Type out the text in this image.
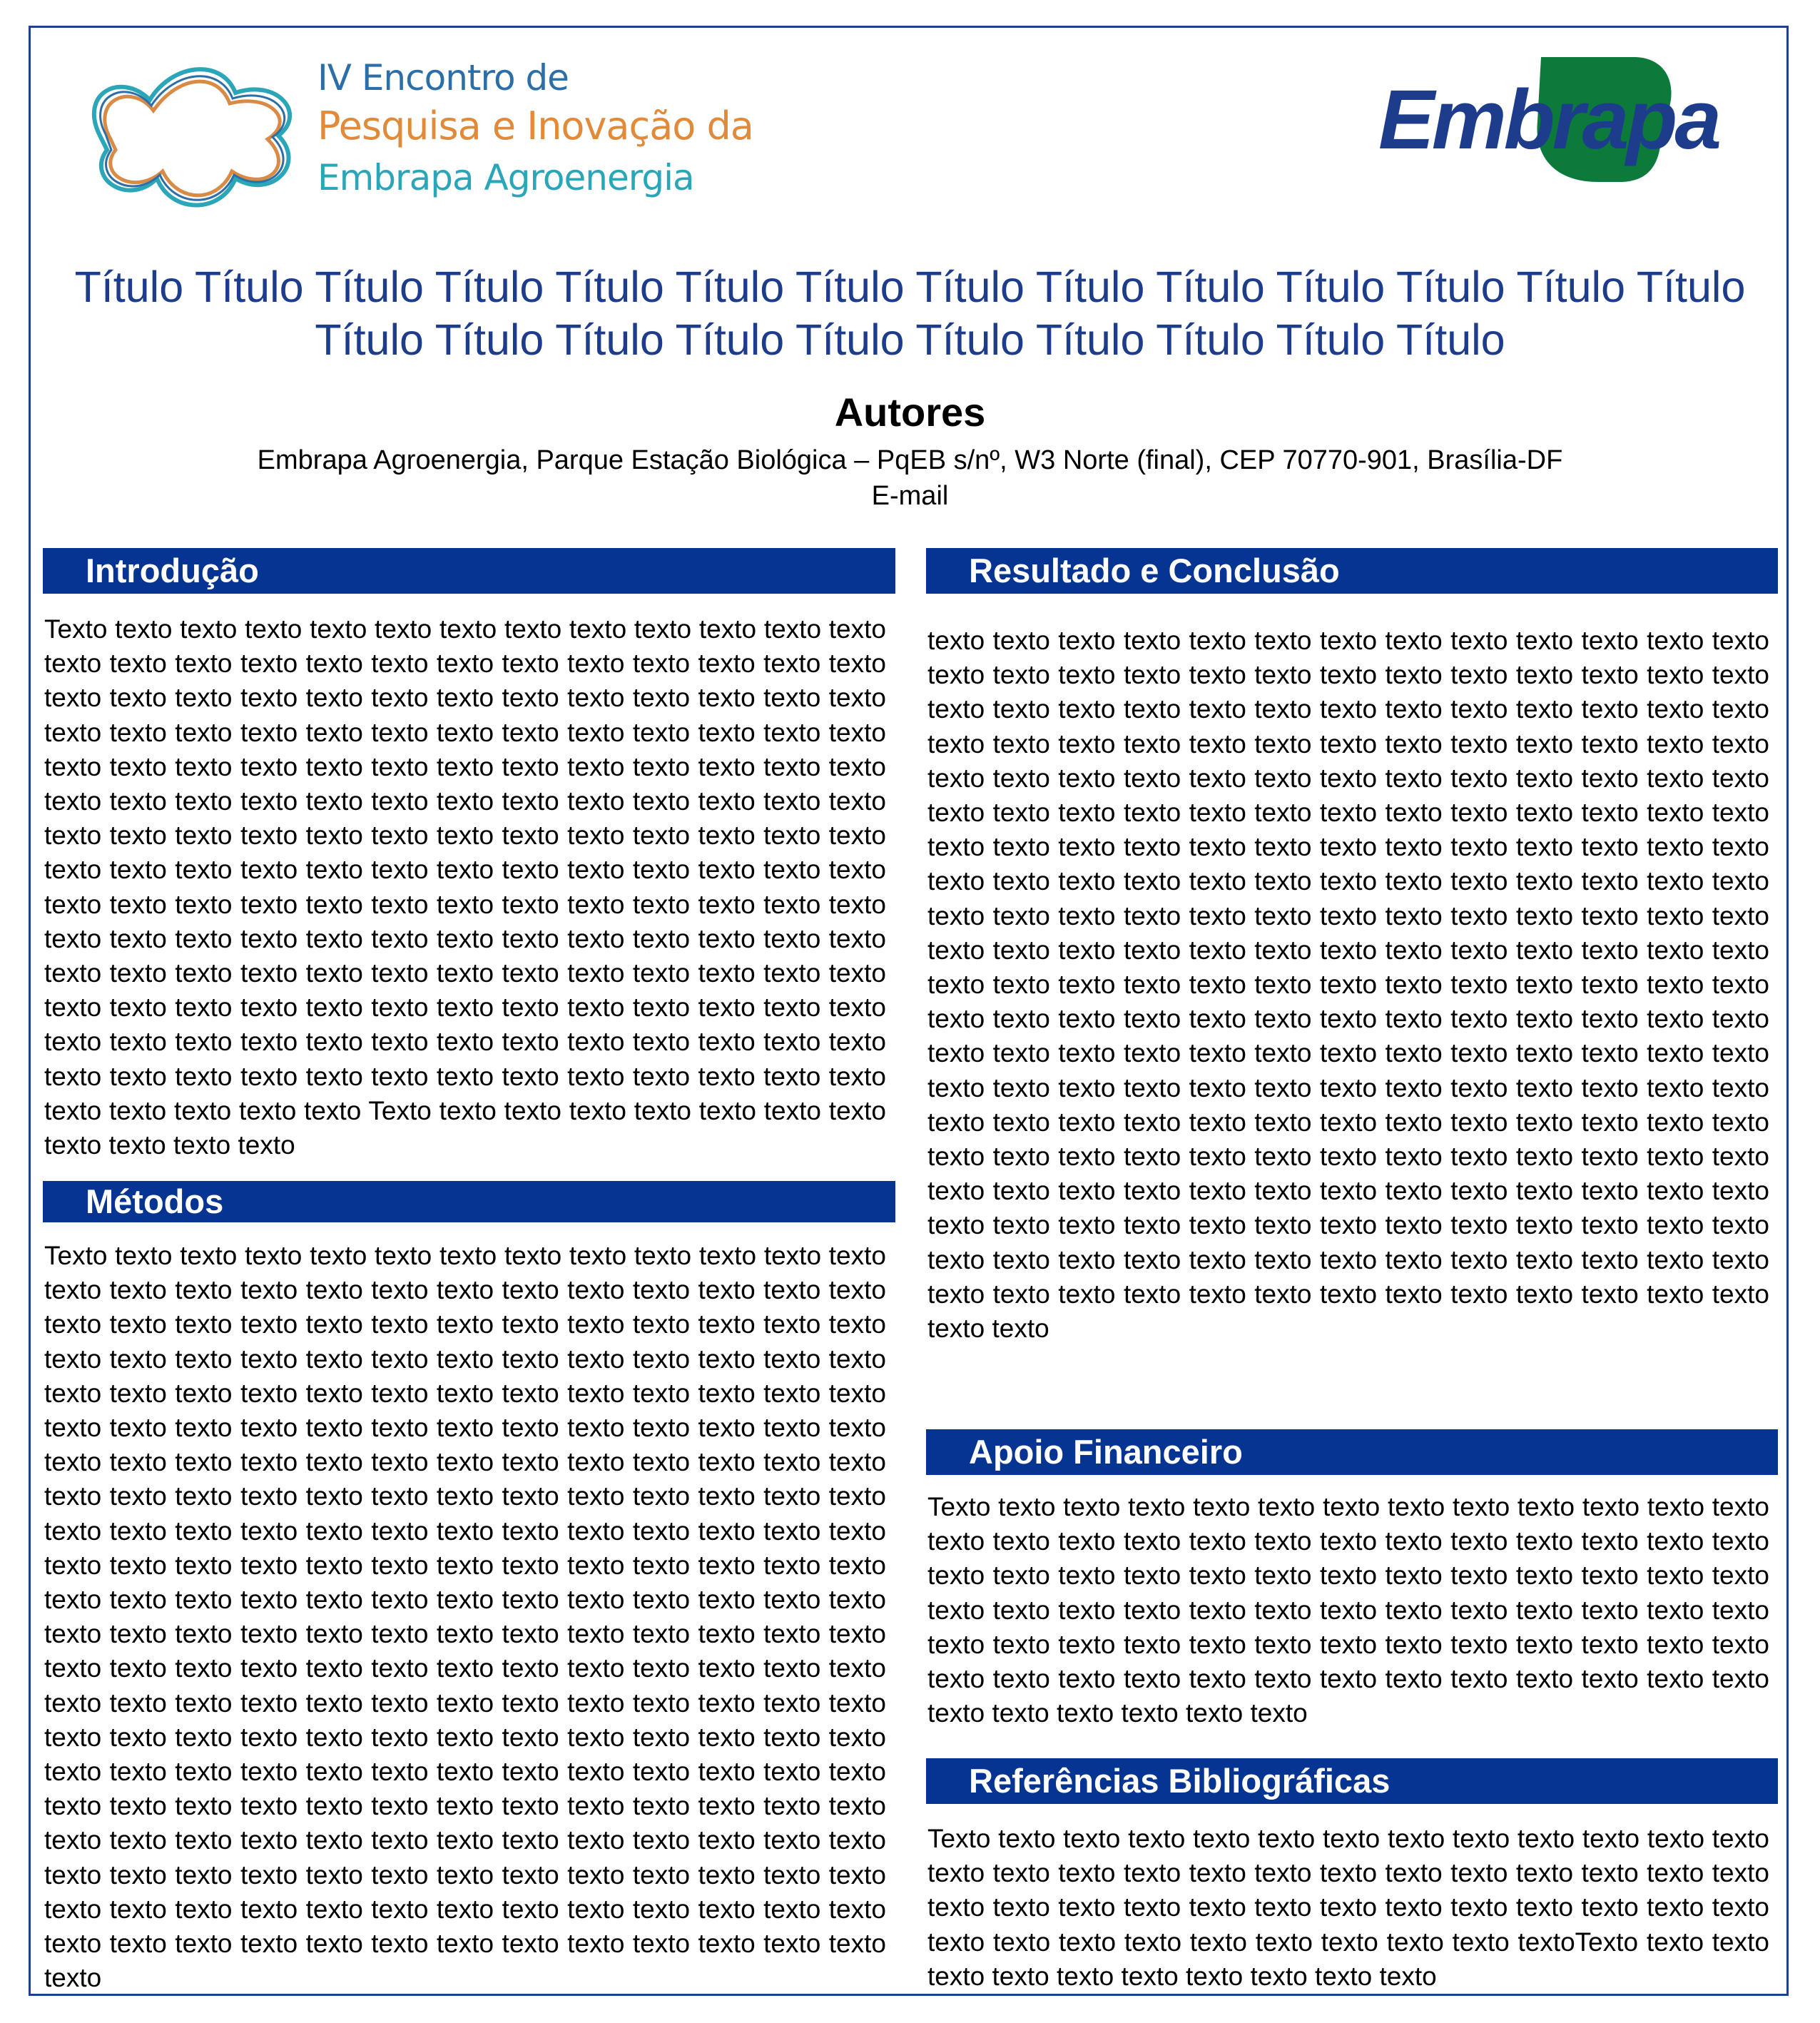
IV Encontro de
Pesquisa e Inovação da
Embrapa Agroenergia
Embrapa
Título Título Título Título Título Título Título Título Título Título Título Título Título Título Título Título Título Título Título Título Título Título Título Título
Autores
Embrapa Agroenergia, Parque Estação Biológica – PqEB s/nº, W3 Norte (final), CEP 70770-901, Brasília-DF
E-mail
Introdução
Texto texto texto texto texto texto texto texto texto texto texto texto texto texto texto texto texto texto texto texto texto texto texto texto texto texto texto texto texto texto texto texto texto texto texto texto texto texto texto texto texto texto texto texto texto texto texto texto texto texto texto texto texto texto texto texto texto texto texto texto texto texto texto texto texto texto texto texto texto texto texto texto texto texto texto texto texto texto texto texto texto texto texto texto texto texto texto texto texto texto texto texto texto texto texto texto texto texto texto texto texto texto texto texto texto texto texto texto texto texto texto texto texto texto texto texto texto texto texto texto texto texto texto texto texto texto texto texto texto texto texto texto texto texto texto texto texto texto texto texto texto texto texto texto texto texto texto texto texto texto texto texto texto texto texto texto texto texto texto texto texto texto texto texto texto texto texto texto texto texto texto texto texto texto texto texto texto texto texto texto texto texto texto texto texto texto texto Texto texto texto texto texto texto texto texto texto texto texto texto
Métodos
Texto texto texto texto texto texto texto texto texto texto texto texto texto texto texto texto texto texto texto texto texto texto texto texto texto texto texto texto texto texto texto texto texto texto texto texto texto texto texto texto texto texto texto texto texto texto texto texto texto texto texto texto texto texto texto texto texto texto texto texto texto texto texto texto texto texto texto texto texto texto texto texto texto texto texto texto texto texto texto texto texto texto texto texto texto texto texto texto texto texto texto texto texto texto texto texto texto texto texto texto texto texto texto texto texto texto texto texto texto texto texto texto texto texto texto texto texto texto texto texto texto texto texto texto texto texto texto texto texto texto texto texto texto texto texto texto texto texto texto texto texto texto texto texto texto texto texto texto texto texto texto texto texto texto texto texto texto texto texto texto texto texto texto texto texto texto texto texto texto texto texto texto texto texto texto texto texto texto texto texto texto texto texto texto texto texto texto texto texto texto texto texto texto texto texto texto texto texto texto texto texto texto texto texto texto texto texto texto texto texto texto texto texto texto texto texto texto texto texto texto texto texto texto texto texto texto texto texto texto texto texto texto texto texto texto texto texto texto texto texto texto texto texto texto texto texto texto texto texto texto texto texto texto texto texto texto texto texto texto texto texto texto texto texto texto texto texto texto texto texto texto texto texto texto
Resultado e Conclusão
texto texto texto texto texto texto texto texto texto texto texto texto texto texto texto texto texto texto texto texto texto texto texto texto texto texto texto texto texto texto texto texto texto texto texto texto texto texto texto texto texto texto texto texto texto texto texto texto texto texto texto texto texto texto texto texto texto texto texto texto texto texto texto texto texto texto texto texto texto texto texto texto texto texto texto texto texto texto texto texto texto texto texto texto texto texto texto texto texto texto texto texto texto texto texto texto texto texto texto texto texto texto texto texto texto texto texto texto texto texto texto texto texto texto texto texto texto texto texto texto texto texto texto texto texto texto texto texto texto texto texto texto texto texto texto texto texto texto texto texto texto texto texto texto texto texto texto texto texto texto texto texto texto texto texto texto texto texto texto texto texto texto texto texto texto texto texto texto texto texto texto texto texto texto texto texto texto texto texto texto texto texto texto texto texto texto texto texto texto texto texto texto texto texto texto texto texto texto texto texto texto texto texto texto texto texto texto texto texto texto texto texto texto texto texto texto texto texto texto texto texto texto texto texto texto texto texto texto texto texto texto texto texto texto texto texto texto texto texto texto texto texto texto texto texto texto texto texto texto texto texto texto texto texto texto texto texto texto texto texto texto texto
Apoio Financeiro
Texto texto texto texto texto texto texto texto texto texto texto texto texto texto texto texto texto texto texto texto texto texto texto texto texto texto texto texto texto texto texto texto texto texto texto texto texto texto texto texto texto texto texto texto texto texto texto texto texto texto texto texto texto texto texto texto texto texto texto texto texto texto texto texto texto texto texto texto texto texto texto texto texto texto texto texto texto texto texto texto texto texto texto texto
Referências Bibliográficas
Texto texto texto texto texto texto texto texto texto texto texto texto texto texto texto texto texto texto texto texto texto texto texto texto texto texto texto texto texto texto texto texto texto texto texto texto texto texto texto texto texto texto texto texto texto texto texto texto textoTexto texto texto texto texto texto texto texto texto texto texto
